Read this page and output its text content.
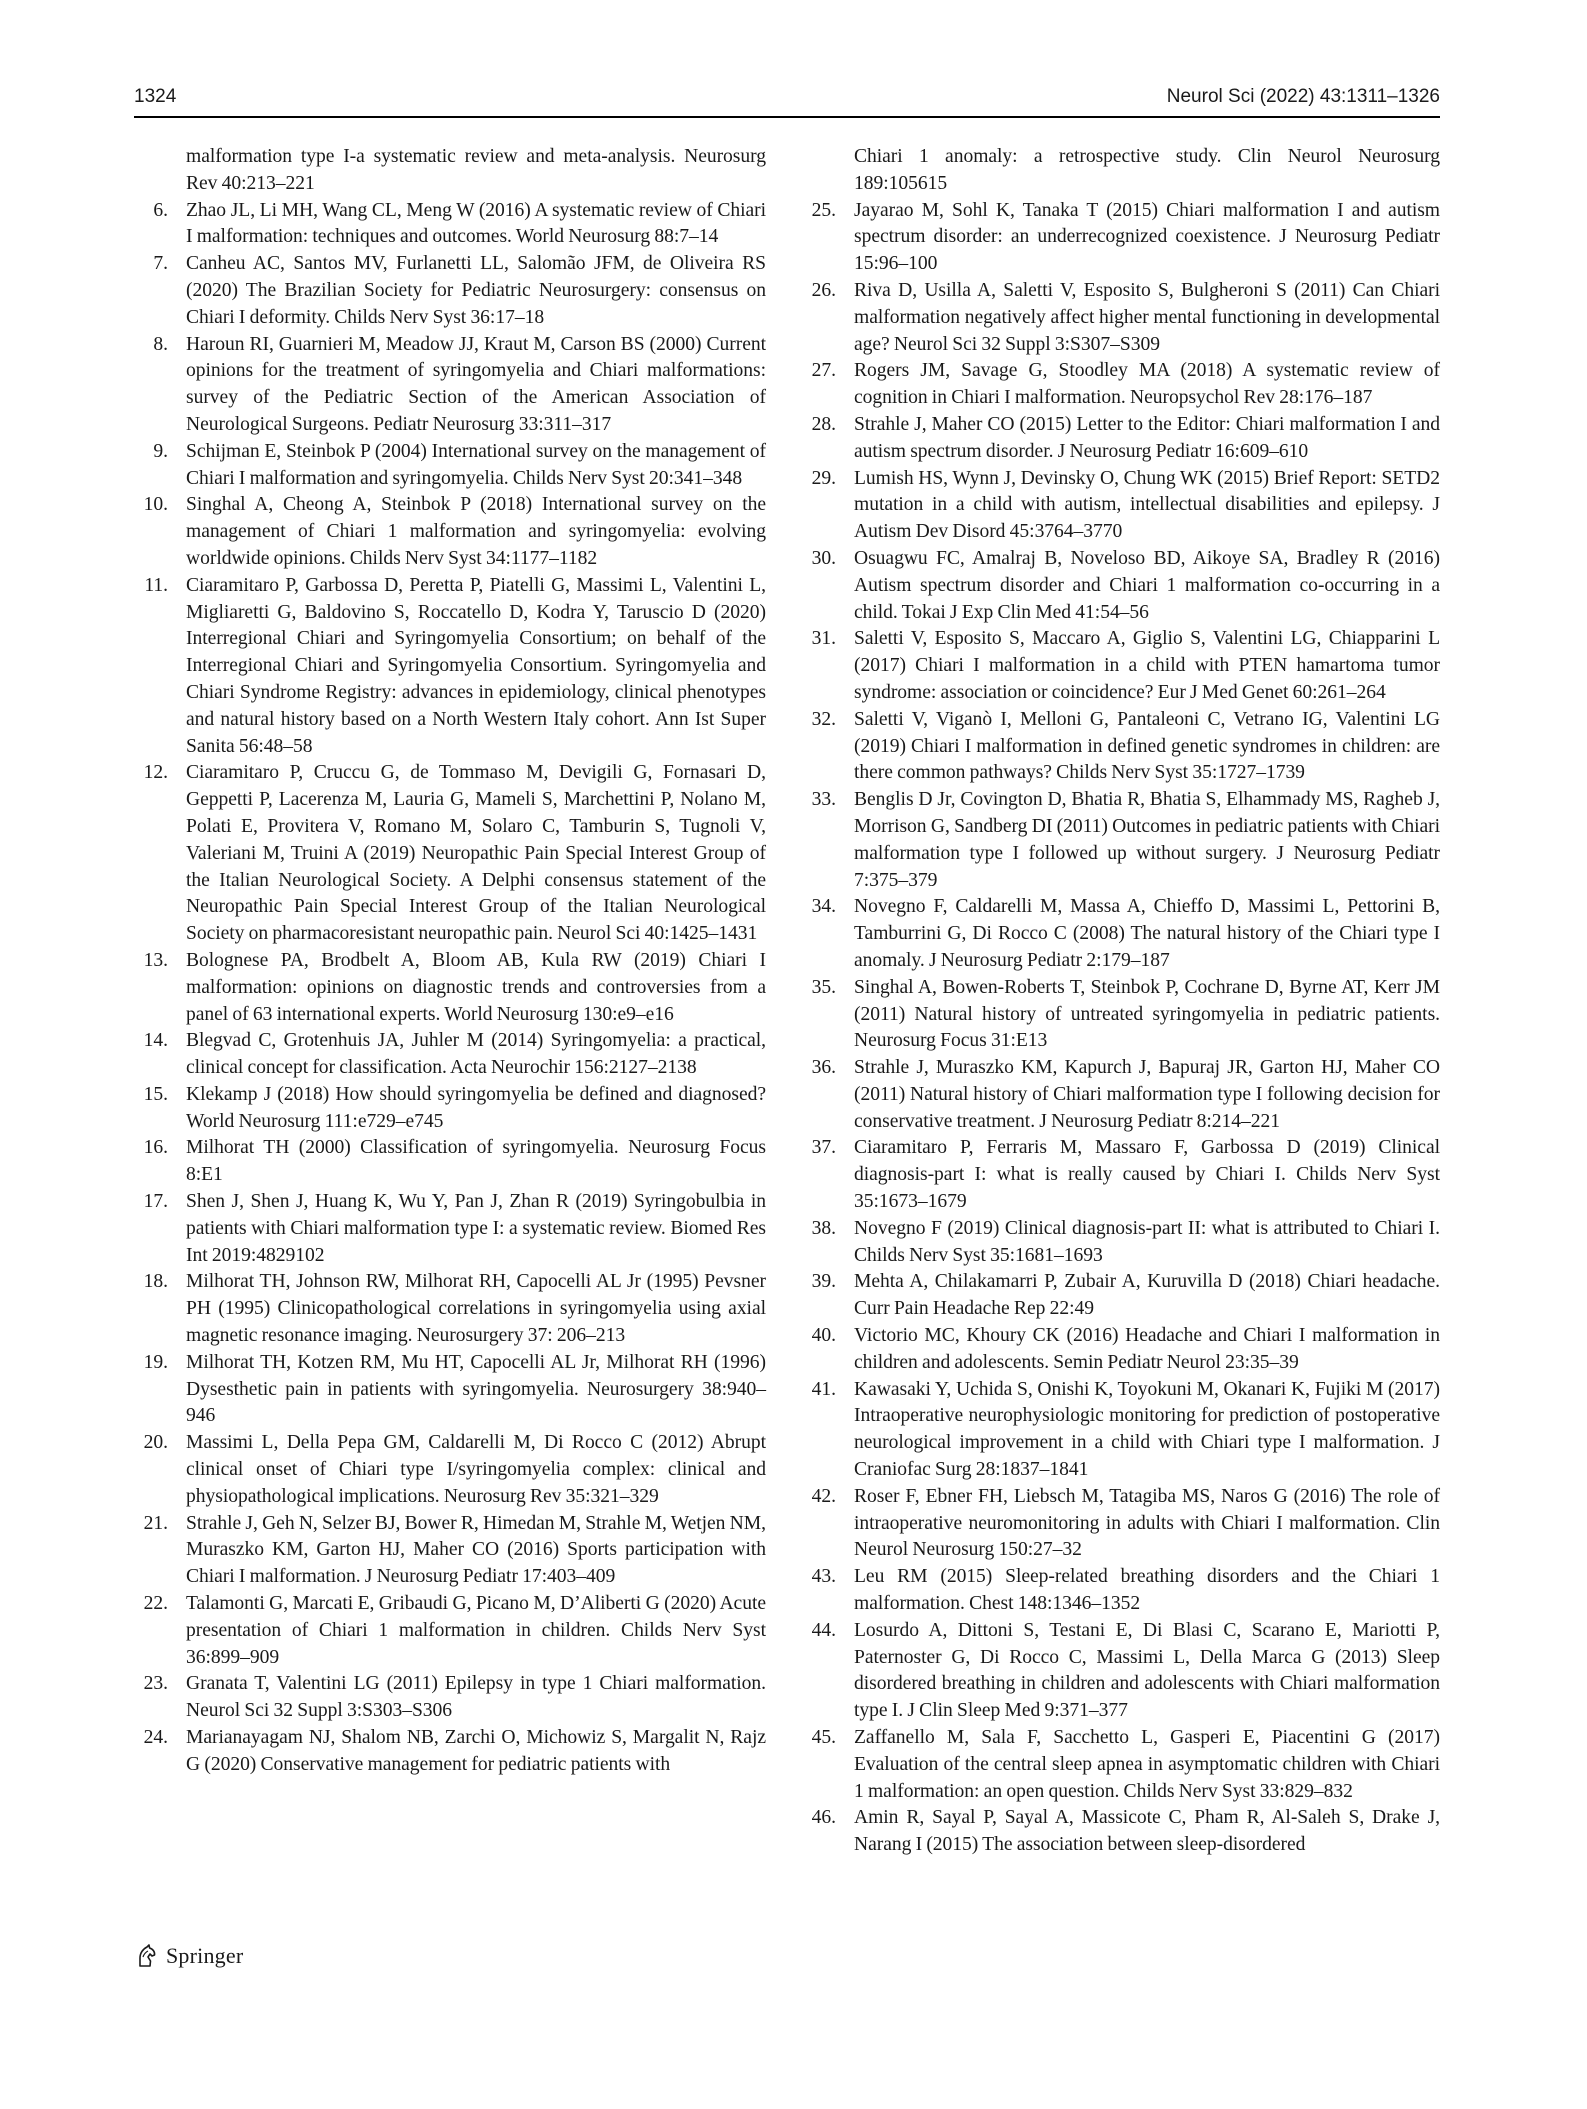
1324	Neurol Sci (2022) 43:1311–1326

malformation type I-a systematic review and meta-analysis. Neurosurg Rev 40:213–221

6. Zhao JL, Li MH, Wang CL, Meng W (2016) A systematic review of Chiari I malformation: techniques and outcomes. World Neurosurg 88:7–14

7. Canheu AC, Santos MV, Furlanetti LL, Salomão JFM, de Oliveira RS (2020) The Brazilian Society for Pediatric Neurosurgery: consensus on Chiari I deformity. Childs Nerv Syst 36:17–18

8. Haroun RI, Guarnieri M, Meadow JJ, Kraut M, Carson BS (2000) Current opinions for the treatment of syringomyelia and Chiari malformations: survey of the Pediatric Section of the American Association of Neurological Surgeons. Pediatr Neurosurg 33:311–317

9. Schijman E, Steinbok P (2004) International survey on the management of Chiari I malformation and syringomyelia. Childs Nerv Syst 20:341–348

10. Singhal A, Cheong A, Steinbok P (2018) International survey on the management of Chiari 1 malformation and syringomyelia: evolving worldwide opinions. Childs Nerv Syst 34:1177–1182

11. Ciaramitaro P, Garbossa D, Peretta P, Piatelli G, Massimi L, Valentini L, Migliaretti G, Baldovino S, Roccatello D, Kodra Y, Taruscio D (2020) Interregional Chiari and Syringomyelia Consortium; on behalf of the Interregional Chiari and Syringomyelia Consortium. Syringomyelia and Chiari Syndrome Registry: advances in epidemiology, clinical phenotypes and natural history based on a North Western Italy cohort. Ann Ist Super Sanita 56:48–58

12. Ciaramitaro P, Cruccu G, de Tommaso M, Devigili G, Fornasari D, Geppetti P, Lacerenza M, Lauria G, Mameli S, Marchettini P, Nolano M, Polati E, Provitera V, Romano M, Solaro C, Tamburin S, Tugnoli V, Valeriani M, Truini A (2019) Neuropathic Pain Special Interest Group of the Italian Neurological Society. A Delphi consensus statement of the Neuropathic Pain Special Interest Group of the Italian Neurological Society on pharmacoresistant neuropathic pain. Neurol Sci 40:1425–1431

13. Bolognese PA, Brodbelt A, Bloom AB, Kula RW (2019) Chiari I malformation: opinions on diagnostic trends and controversies from a panel of 63 international experts. World Neurosurg 130:e9–e16

14. Blegvad C, Grotenhuis JA, Juhler M (2014) Syringomyelia: a practical, clinical concept for classification. Acta Neurochir 156:2127–2138

15. Klekamp J (2018) How should syringomyelia be defined and diagnosed? World Neurosurg 111:e729–e745

16. Milhorat TH (2000) Classification of syringomyelia. Neurosurg Focus 8:E1

17. Shen J, Shen J, Huang K, Wu Y, Pan J, Zhan R (2019) Syringobulbia in patients with Chiari malformation type I: a systematic review. Biomed Res Int 2019:4829102

18. Milhorat TH, Johnson RW, Milhorat RH, Capocelli AL Jr (1995) Pevsner PH (1995) Clinicopathological correlations in syringomyelia using axial magnetic resonance imaging. Neurosurgery 37: 206–213

19. Milhorat TH, Kotzen RM, Mu HT, Capocelli AL Jr, Milhorat RH (1996) Dysesthetic pain in patients with syringomyelia. Neurosurgery 38:940–946

20. Massimi L, Della Pepa GM, Caldarelli M, Di Rocco C (2012) Abrupt clinical onset of Chiari type I/syringomyelia complex: clinical and physiopathological implications. Neurosurg Rev 35:321–329

21. Strahle J, Geh N, Selzer BJ, Bower R, Himedan M, Strahle M, Wetjen NM, Muraszko KM, Garton HJ, Maher CO (2016) Sports participation with Chiari I malformation. J Neurosurg Pediatr 17:403–409

22. Talamonti G, Marcati E, Gribaudi G, Picano M, D’Aliberti G (2020) Acute presentation of Chiari 1 malformation in children. Childs Nerv Syst 36:899–909

23. Granata T, Valentini LG (2011) Epilepsy in type 1 Chiari malformation. Neurol Sci 32 Suppl 3:S303–S306

24. Marianayagam NJ, Shalom NB, Zarchi O, Michowiz S, Margalit N, Rajz G (2020) Conservative management for pediatric patients with

Chiari 1 anomaly: a retrospective study. Clin Neurol Neurosurg 189:105615

25. Jayarao M, Sohl K, Tanaka T (2015) Chiari malformation I and autism spectrum disorder: an underrecognized coexistence. J Neurosurg Pediatr 15:96–100

26. Riva D, Usilla A, Saletti V, Esposito S, Bulgheroni S (2011) Can Chiari malformation negatively affect higher mental functioning in developmental age? Neurol Sci 32 Suppl 3:S307–S309

27. Rogers JM, Savage G, Stoodley MA (2018) A systematic review of cognition in Chiari I malformation. Neuropsychol Rev 28:176–187

28. Strahle J, Maher CO (2015) Letter to the Editor: Chiari malformation I and autism spectrum disorder. J Neurosurg Pediatr 16:609–610

29. Lumish HS, Wynn J, Devinsky O, Chung WK (2015) Brief Report: SETD2 mutation in a child with autism, intellectual disabilities and epilepsy. J Autism Dev Disord 45:3764–3770

30. Osuagwu FC, Amalraj B, Noveloso BD, Aikoye SA, Bradley R (2016) Autism spectrum disorder and Chiari 1 malformation co-occurring in a child. Tokai J Exp Clin Med 41:54–56

31. Saletti V, Esposito S, Maccaro A, Giglio S, Valentini LG, Chiapparini L (2017) Chiari I malformation in a child with PTEN hamartoma tumor syndrome: association or coincidence? Eur J Med Genet 60:261–264

32. Saletti V, Viganò I, Melloni G, Pantaleoni C, Vetrano IG, Valentini LG (2019) Chiari I malformation in defined genetic syndromes in children: are there common pathways? Childs Nerv Syst 35:1727–1739

33. Benglis D Jr, Covington D, Bhatia R, Bhatia S, Elhammady MS, Ragheb J, Morrison G, Sandberg DI (2011) Outcomes in pediatric patients with Chiari malformation type I followed up without surgery. J Neurosurg Pediatr 7:375–379

34. Novegno F, Caldarelli M, Massa A, Chieffo D, Massimi L, Pettorini B, Tamburrini G, Di Rocco C (2008) The natural history of the Chiari type I anomaly. J Neurosurg Pediatr 2:179–187

35. Singhal A, Bowen-Roberts T, Steinbok P, Cochrane D, Byrne AT, Kerr JM (2011) Natural history of untreated syringomyelia in pediatric patients. Neurosurg Focus 31:E13

36. Strahle J, Muraszko KM, Kapurch J, Bapuraj JR, Garton HJ, Maher CO (2011) Natural history of Chiari malformation type I following decision for conservative treatment. J Neurosurg Pediatr 8:214–221

37. Ciaramitaro P, Ferraris M, Massaro F, Garbossa D (2019) Clinical diagnosis-part I: what is really caused by Chiari I. Childs Nerv Syst 35:1673–1679

38. Novegno F (2019) Clinical diagnosis-part II: what is attributed to Chiari I. Childs Nerv Syst 35:1681–1693

39. Mehta A, Chilakamarri P, Zubair A, Kuruvilla D (2018) Chiari headache. Curr Pain Headache Rep 22:49

40. Victorio MC, Khoury CK (2016) Headache and Chiari I malformation in children and adolescents. Semin Pediatr Neurol 23:35–39

41. Kawasaki Y, Uchida S, Onishi K, Toyokuni M, Okanari K, Fujiki M (2017) Intraoperative neurophysiologic monitoring for prediction of postoperative neurological improvement in a child with Chiari type I malformation. J Craniofac Surg 28:1837–1841

42. Roser F, Ebner FH, Liebsch M, Tatagiba MS, Naros G (2016) The role of intraoperative neuromonitoring in adults with Chiari I malformation. Clin Neurol Neurosurg 150:27–32

43. Leu RM (2015) Sleep-related breathing disorders and the Chiari 1 malformation. Chest 148:1346–1352

44. Losurdo A, Dittoni S, Testani E, Di Blasi C, Scarano E, Mariotti P, Paternoster G, Di Rocco C, Massimi L, Della Marca G (2013) Sleep disordered breathing in children and adolescents with Chiari malformation type I. J Clin Sleep Med 9:371–377

45. Zaffanello M, Sala F, Sacchetto L, Gasperi E, Piacentini G (2017) Evaluation of the central sleep apnea in asymptomatic children with Chiari 1 malformation: an open question. Childs Nerv Syst 33:829–832

46. Amin R, Sayal P, Sayal A, Massicote C, Pham R, Al-Saleh S, Drake J, Narang I (2015) The association between sleep-disordered

Springer
